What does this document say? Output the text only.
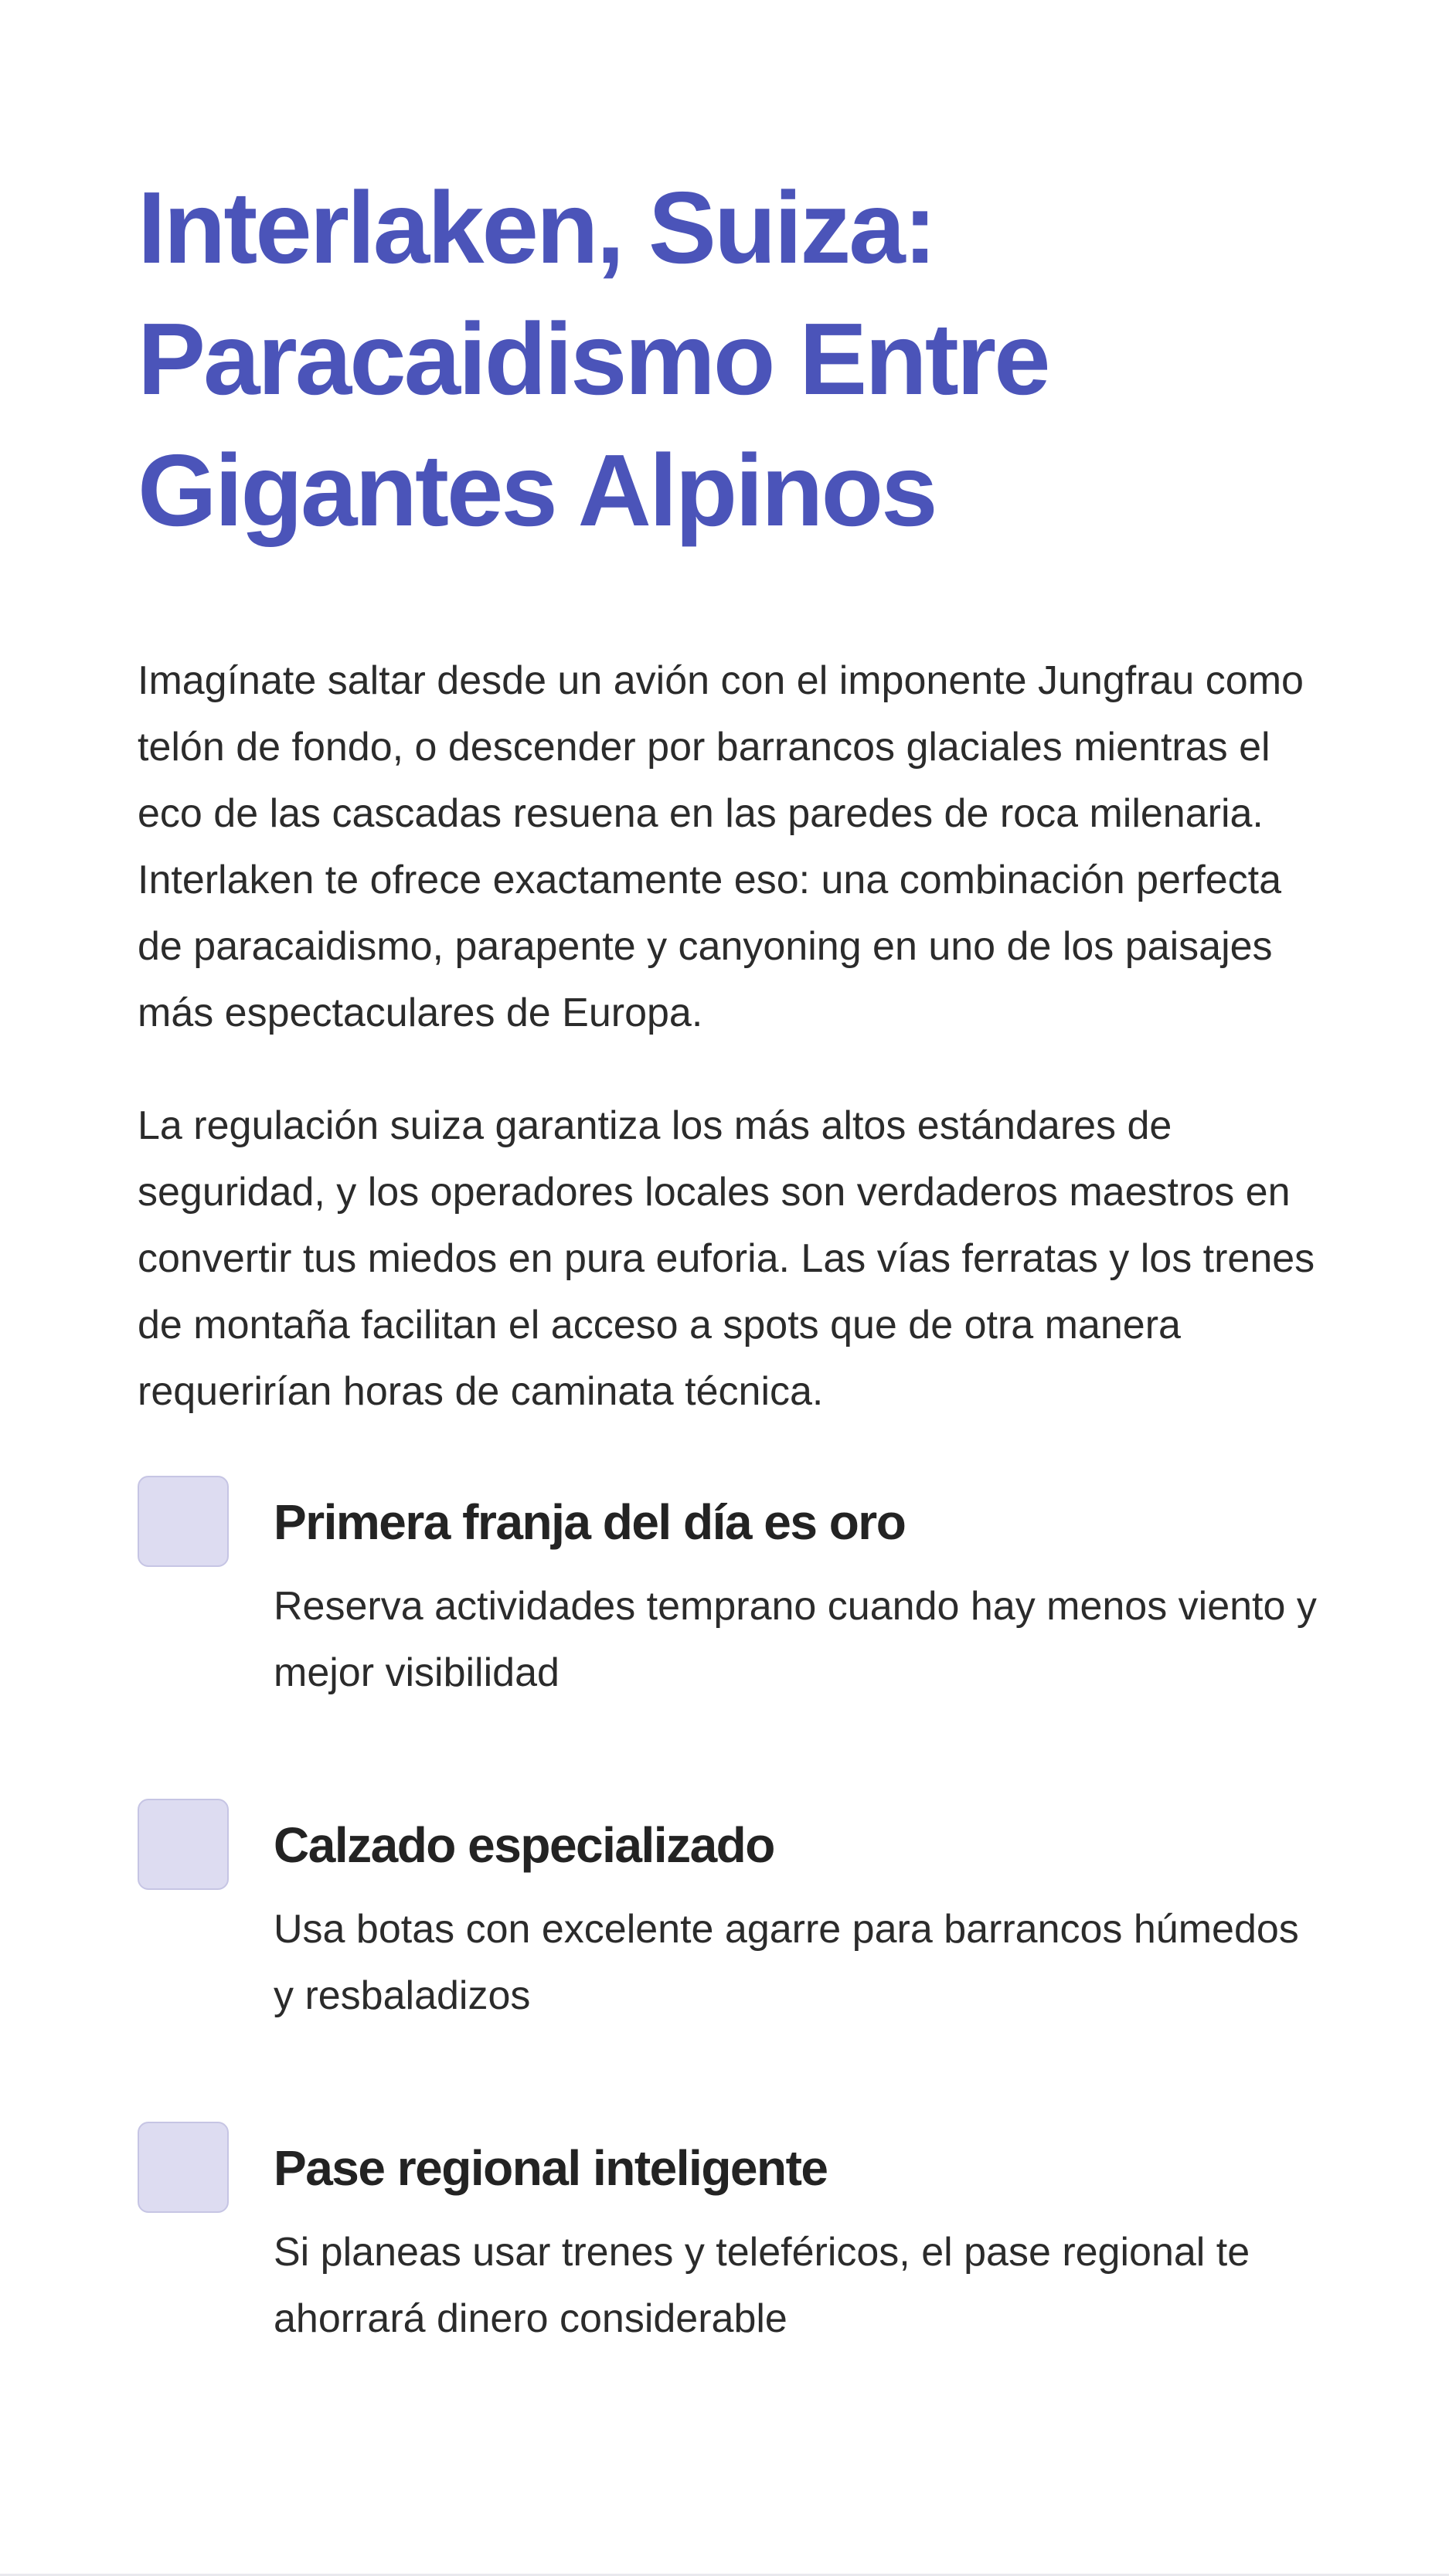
Interlaken, Suiza: Paracaidismo Entre Gigantes Alpinos

Imagínate saltar desde un avión con el imponente Jungfrau como telón de fondo, o descender por barrancos glaciales mientras el eco de las cascadas resuena en las paredes de roca milenaria. Interlaken te ofrece exactamente eso: una combinación perfecta de paracaidismo, parapente y canyoning en uno de los paisajes más espectaculares de Europa.

La regulación suiza garantiza los más altos estándares de seguridad, y los operadores locales son verdaderos maestros en convertir tus miedos en pura euforia. Las vías ferratas y los trenes de montaña facilitan el acceso a spots que de otra manera requerirían horas de caminata técnica.

Primera franja del día es oro

Reserva actividades temprano cuando hay menos viento y mejor visibilidad

Calzado especializado

Usa botas con excelente agarre para barrancos húmedos y resbaladizos

Pase regional inteligente

Si planeas usar trenes y teleféricos, el pase regional te ahorrará dinero considerable
